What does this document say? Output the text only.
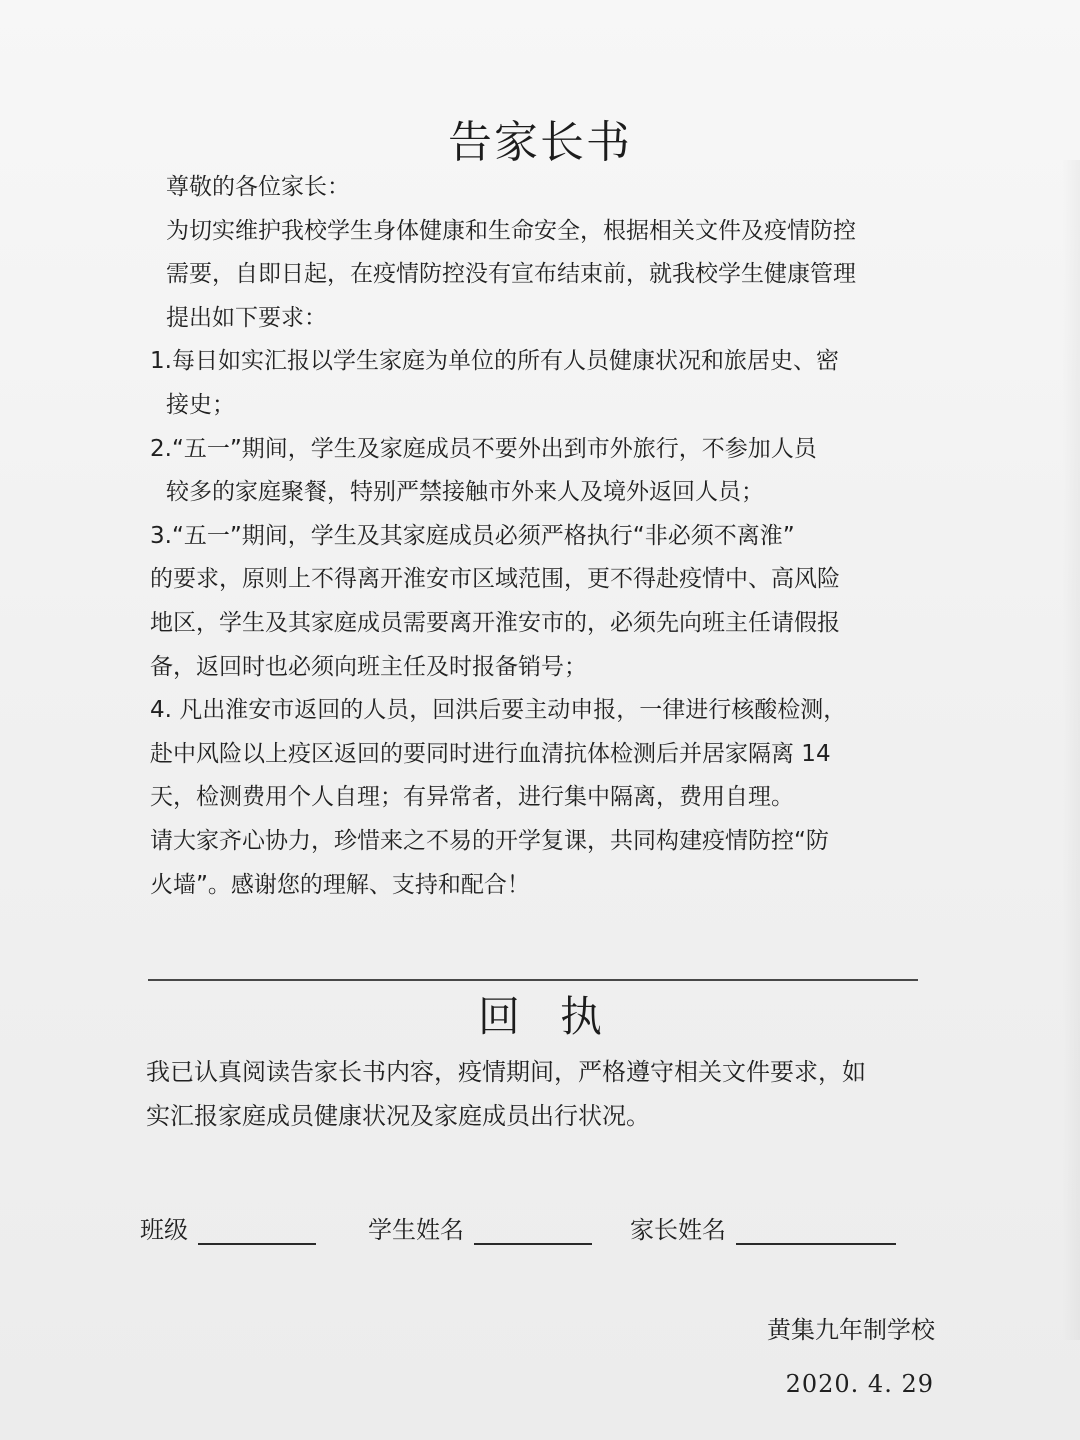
告家长书
尊敬的各位家长：
为切实维护我校学生身体健康和生命安全，根据相关文件及疫情防控
需要，自即日起，在疫情防控没有宣布结束前，就我校学生健康管理
提出如下要求：
1.每日如实汇报以学生家庭为单位的所有人员健康状况和旅居史、密
接史；
2.“五一”期间，学生及家庭成员不要外出到市外旅行，不参加人员
较多的家庭聚餐，特别严禁接触市外来人及境外返回人员；
3.“五一”期间，学生及其家庭成员必须严格执行“非必须不离淮”
的要求，原则上不得离开淮安市区域范围，更不得赴疫情中、高风险
地区，学生及其家庭成员需要离开淮安市的，必须先向班主任请假报
备，返回时也必须向班主任及时报备销号；
4. 凡出淮安市返回的人员，回洪后要主动申报，一律进行核酸检测，
赴中风险以上疫区返回的要同时进行血清抗体检测后并居家隔离 14
天，检测费用个人自理；有异常者，进行集中隔离，费用自理。
请大家齐心协力，珍惜来之不易的开学复课，共同构建疫情防控“防
火墙”。感谢您的理解、支持和配合！
回执
我已认真阅读告家长书内容，疫情期间，严格遵守相关文件要求，如
实汇报家庭成员健康状况及家庭成员出行状况。
班级	学生姓名	家长姓名
黄集九年制学校
2020. 4. 29
